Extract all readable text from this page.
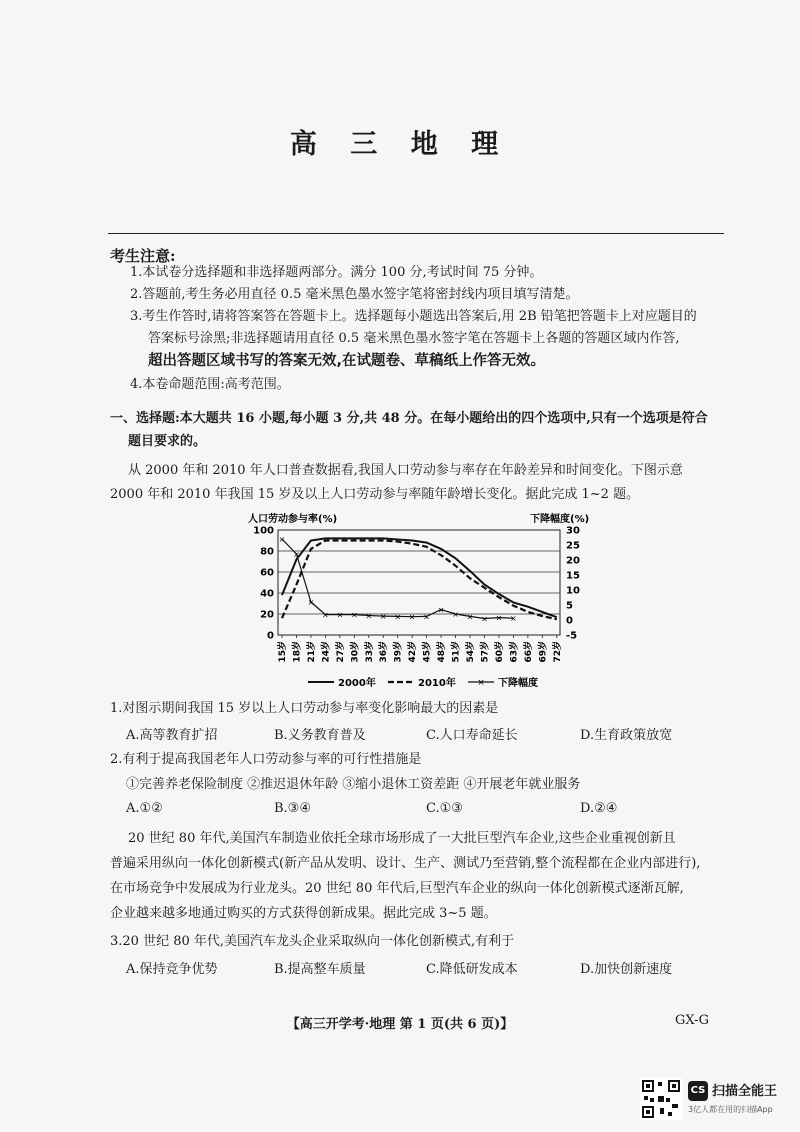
高 三 地 理
考生注意:
1.本试卷分选择题和非选择题两部分。满分 100 分,考试时间 75 分钟。
2.答题前,考生务必用直径 0.5 毫米黑色墨水签字笔将密封线内项目填写清楚。
3.考生作答时,请将答案答在答题卡上。选择题每小题选出答案后,用 2B 铅笔把答题卡上对应题目的
答案标号涂黑;非选择题请用直径 0.5 毫米黑色墨水签字笔在答题卡上各题的答题区域内作答,
超出答题区域书写的答案无效,在试题卷、草稿纸上作答无效。
4.本卷命题范围:高考范围。
一、选择题:本大题共 16 小题,每小题 3 分,共 48 分。在每小题给出的四个选项中,只有一个选项是符合
题目要求的。
从 2000 年和 2010 年人口普查数据看,我国人口劳动参与率存在年龄差异和时间变化。下图示意
2000 年和 2010 年我国 15 岁及以上人口劳动参与率随年龄增长变化。据此完成 1~2 题。
人口劳动参与率(%)	下降幅度(%)
0
20
40
60
80
100
-5
0
5
10
15
20
25
30
15岁 18岁 21岁 24岁 27岁 30岁 33岁 36岁 39岁 42岁 45岁 48岁 51岁 54岁 57岁 60岁 63岁 66岁 69岁 72岁
×
×
×
× × × × × × × ×
× × × × × ×
2000年	2010年 × 下降幅度
1.对图示期间我国 15 岁以上人口劳动参与率变化影响最大的因素是
A.高等教育扩招	B.义务教育普及	C.人口寿命延长	D.生育政策放宽
2.有利于提高我国老年人口劳动参与率的可行性措施是
①完善养老保险制度 ②推迟退休年龄 ③缩小退休工资差距 ④开展老年就业服务
A.①②	B.③④	C.①③	D.②④
20 世纪 80 年代,美国汽车制造业依托全球市场形成了一大批巨型汽车企业,这些企业重视创新且
普遍采用纵向一体化创新模式(新产品从发明、设计、生产、测试乃至营销,整个流程都在企业内部进行),
在市场竞争中发展成为行业龙头。20 世纪 80 年代后,巨型汽车企业的纵向一体化创新模式逐渐瓦解,
企业越来越多地通过购买的方式获得创新成果。据此完成 3~5 题。
3.20 世纪 80 年代,美国汽车龙头企业采取纵向一体化创新模式,有利于
A.保持竞争优势	B.提高整车质量	C.降低研发成本	D.加快创新速度
【高三开学考·地理 第 1 页(共 6 页)】	GX-G
CS 扫描全能王
3亿人都在用的扫描App
